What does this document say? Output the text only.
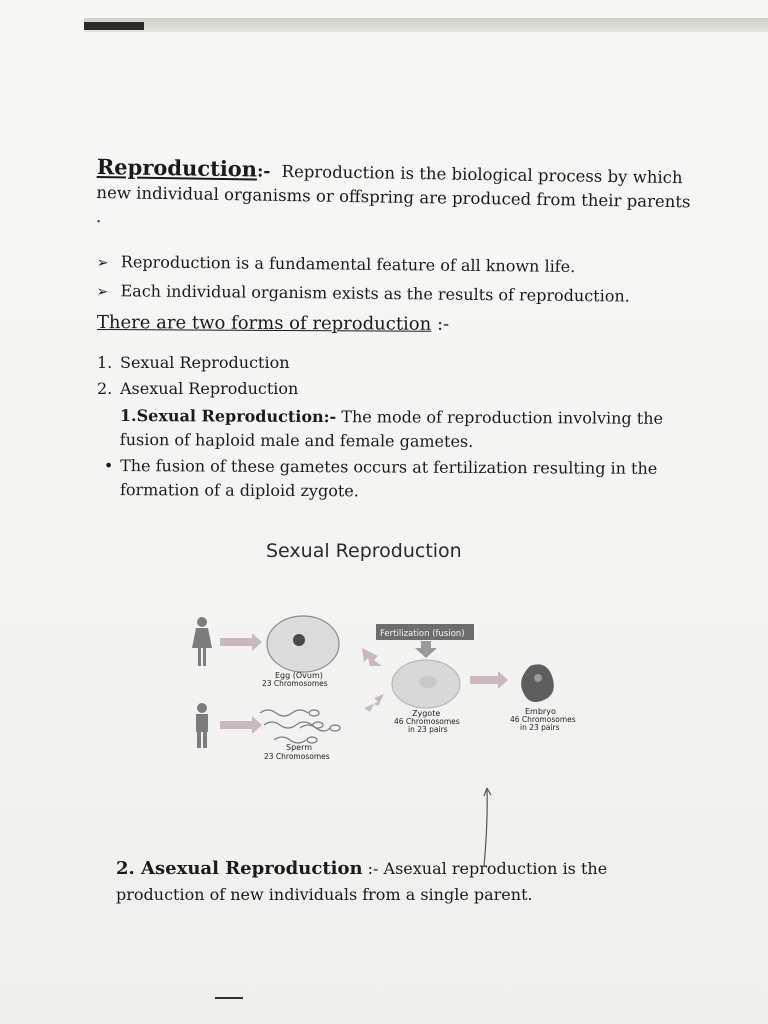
Reproduction:- Reproduction is the biological process by which new individual organisms or offspring are produced from their parents .
➢ Reproduction is a fundamental feature of all known life.
➢ Each individual organism exists as the results of reproduction.
There are two forms of reproduction :-
1. Sexual Reproduction
2. Asexual Reproduction
1.Sexual Reproduction:- The mode of reproduction involving the fusion of haploid male and female gametes.
• The fusion of these gametes occurs at fertilization resulting in the formation of a diploid zygote.
Sexual Reproduction
Egg (Ovum)
23 Chromosomes
Sperm
23 Chromosomes
Fertilization (fusion)
Zygote
46 Chromosomes
in 23 pairs
Embryo
46 Chromosomes
in 23 pairs
2. Asexual Reproduction :- Asexual reproduction is the production of new individuals from a single parent.
